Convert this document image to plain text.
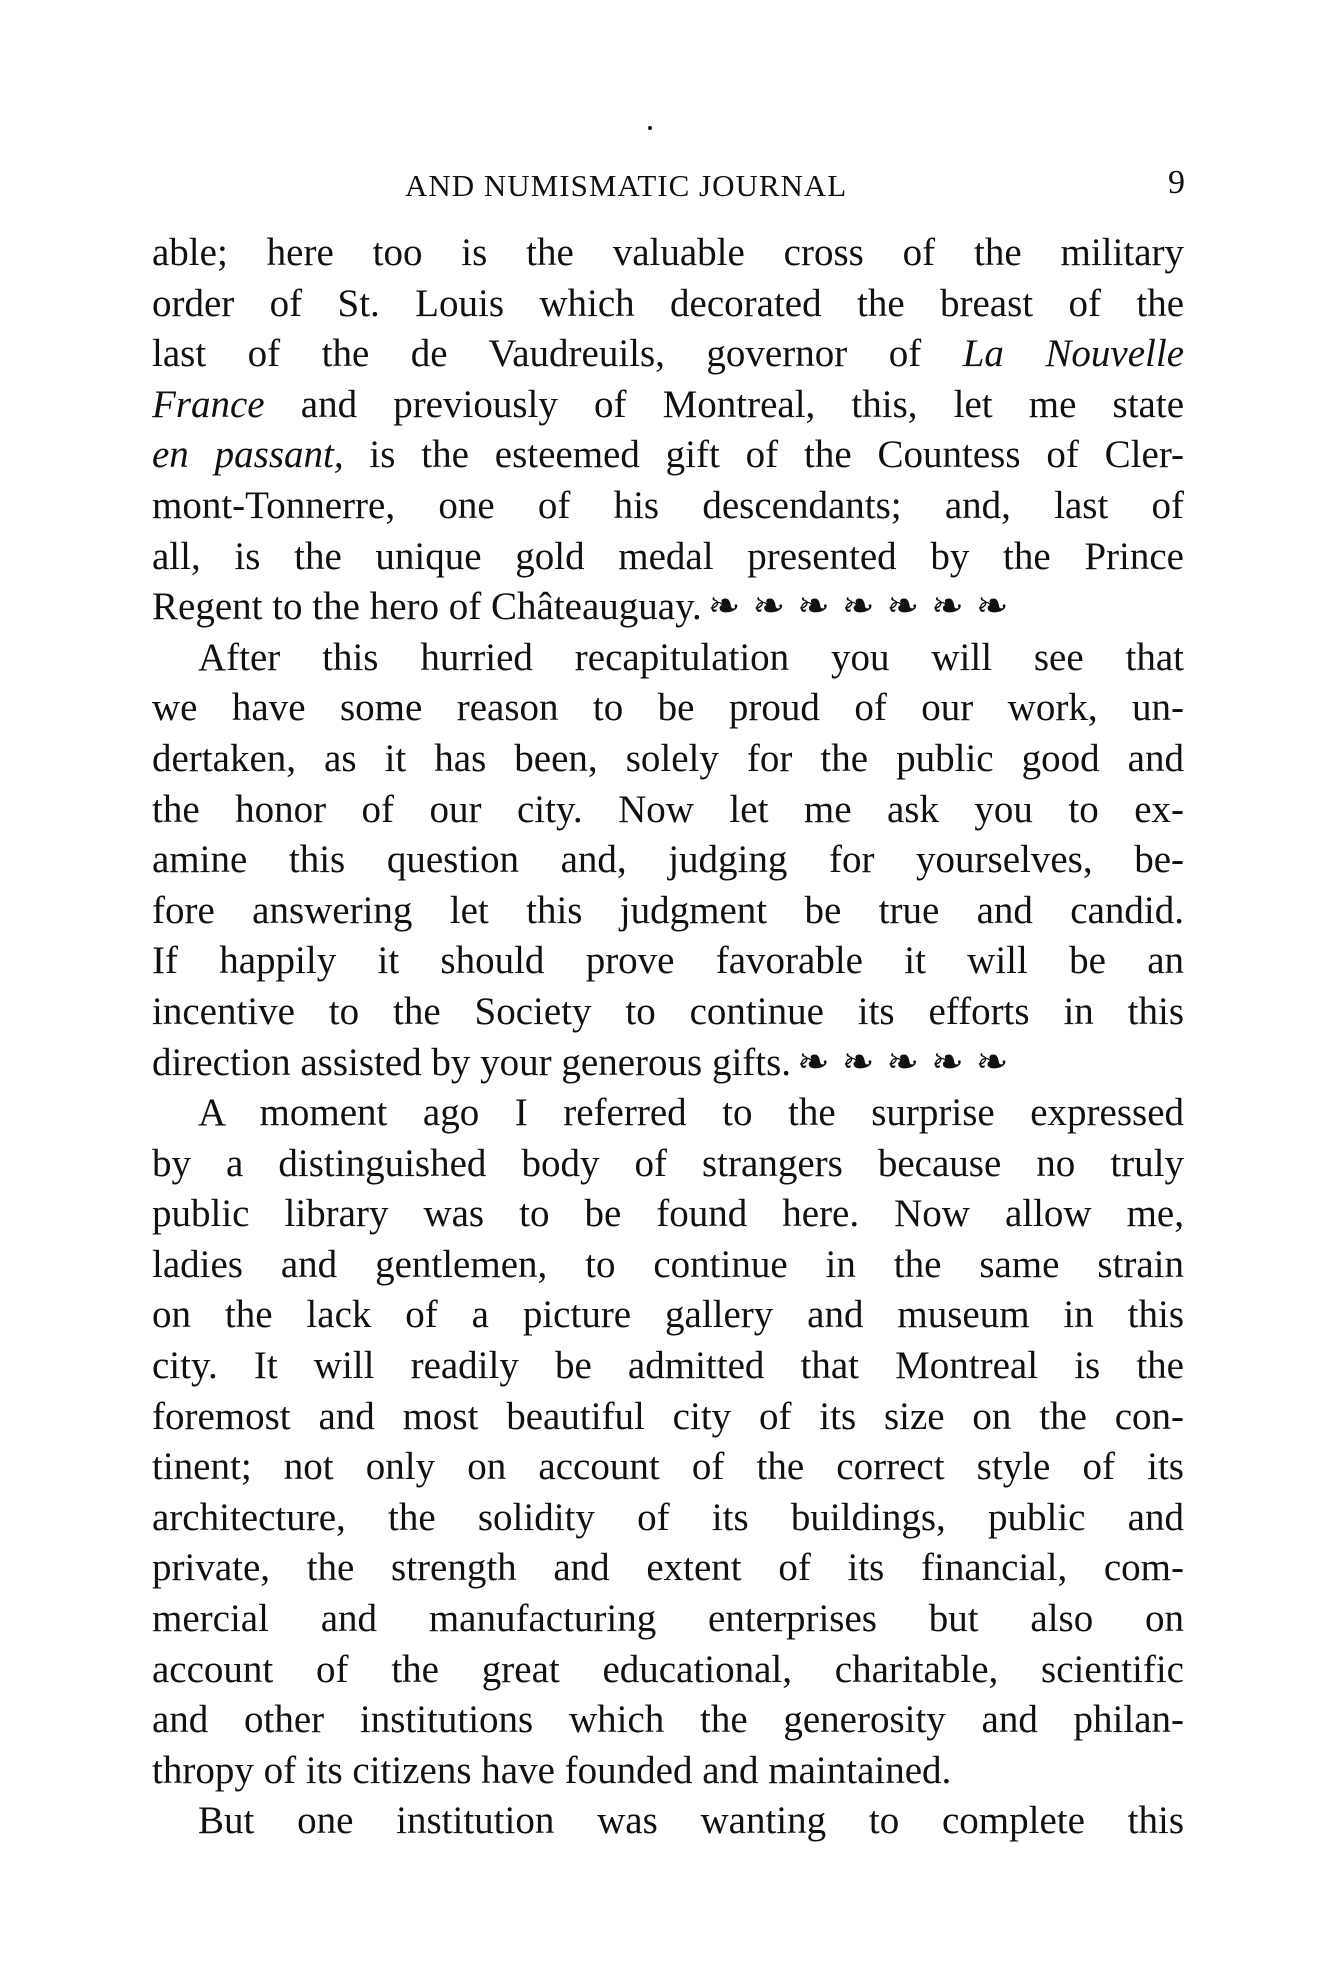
AND NUMISMATIC JOURNAL	9
able; here too is the valuable cross of the military
order of St. Louis which decorated the breast of the
last of the de Vaudreuils, governor of La Nouvelle
France and previously of Montreal, this, let me state
en passant, is the esteemed gift of the Countess of Cler-
mont-Tonnerre, one of his descendants; and, last of
all, is the unique gold medal presented by the Prince
Regent to the hero of Châteauguay. ❧❧❧❧❧❧❧
After this hurried recapitulation you will see that
we have some reason to be proud of our work, un-
dertaken, as it has been, solely for the public good and
the honor of our city. Now let me ask you to ex-
amine this question and, judging for yourselves, be-
fore answering let this judgment be true and candid.
If happily it should prove favorable it will be an
incentive to the Society to continue its efforts in this
direction assisted by your generous gifts. ❧❧❧❧❧
A moment ago I referred to the surprise expressed
by a distinguished body of strangers because no truly
public library was to be found here. Now allow me,
ladies and gentlemen, to continue in the same strain
on the lack of a picture gallery and museum in this
city. It will readily be admitted that Montreal is the
foremost and most beautiful city of its size on the con-
tinent; not only on account of the correct style of its
architecture, the solidity of its buildings, public and
private, the strength and extent of its financial, com-
mercial and manufacturing enterprises but also on
account of the great educational, charitable, scientific
and other institutions which the generosity and philan-
thropy of its citizens have founded and maintained.
But one institution was wanting to complete this
